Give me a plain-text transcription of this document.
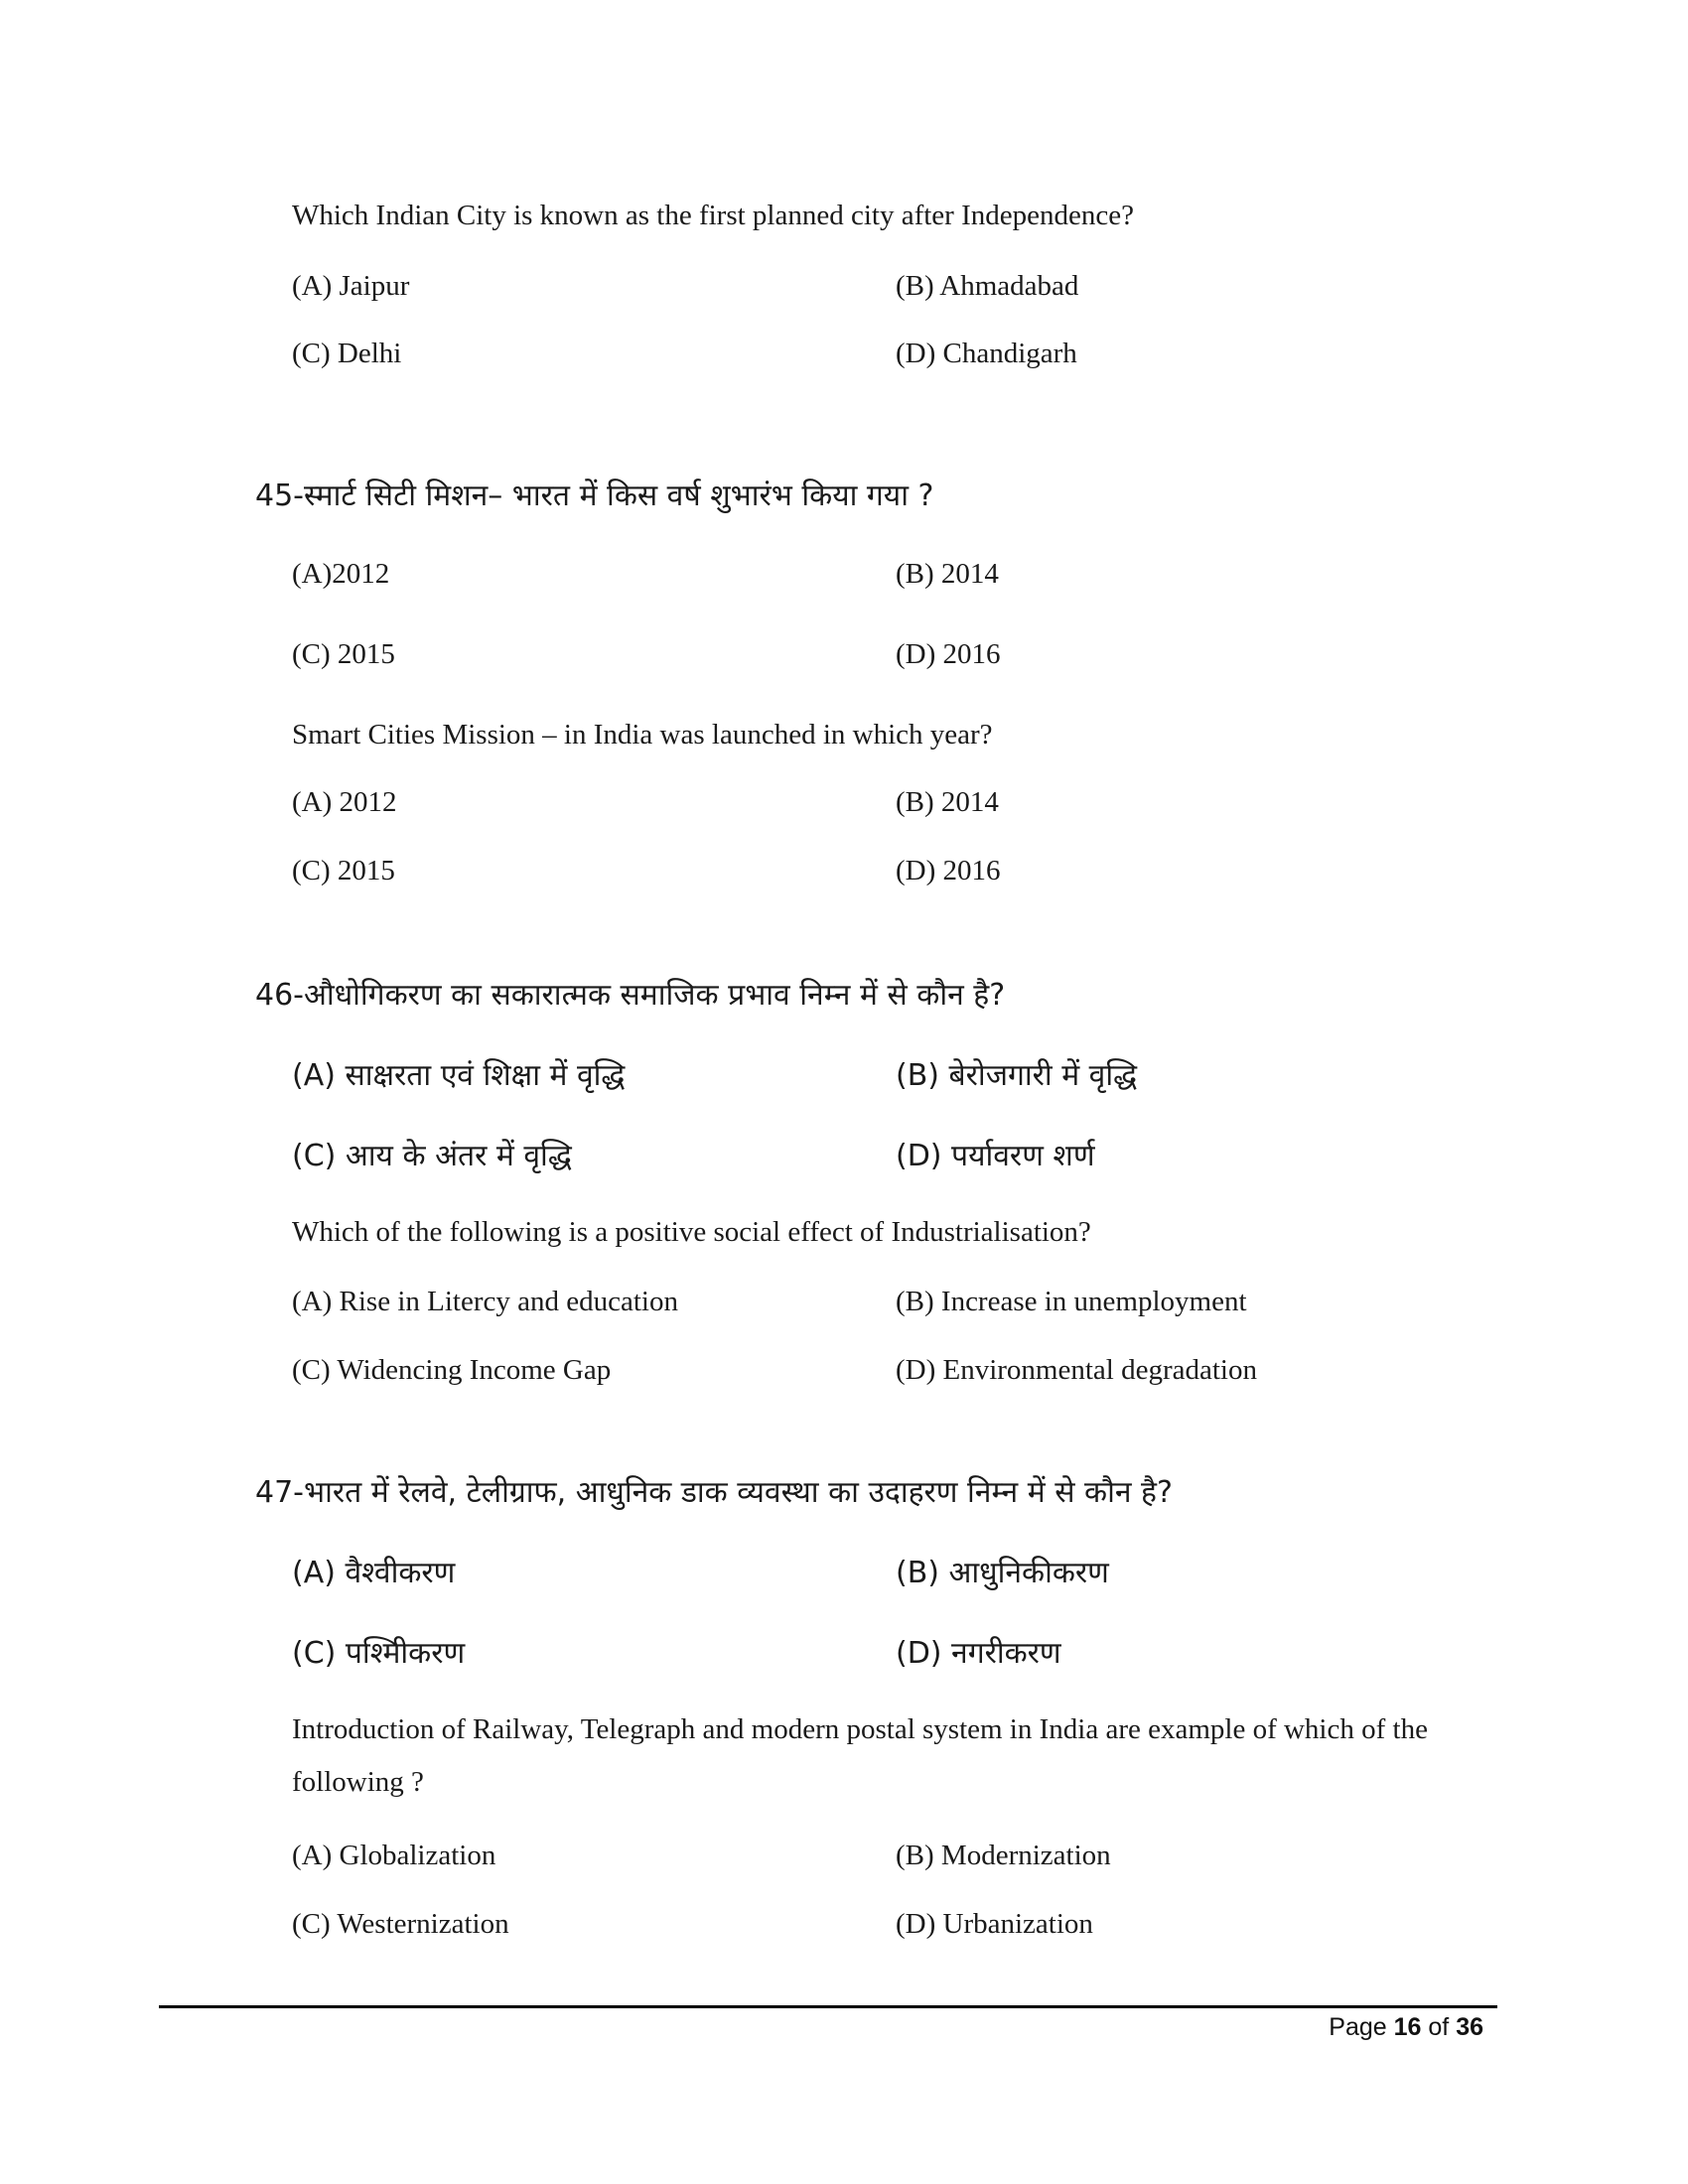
Which Indian City is known as the first planned city after Independence?
(A) Jaipur	(B) Ahmadabad
(C) Delhi	(D) Chandigarh
45-स्मार्ट सिटी मिशन– भारत में किस वर्ष शुभारंभ किया गया ?
(A)2012	(B) 2014
(C) 2015	(D) 2016
Smart Cities Mission – in India was launched in which year?
(A) 2012	(B) 2014
(C) 2015	(D) 2016
46-औधोगिकरण का सकारात्मक समाजिक प्रभाव निम्न में से कौन है?
(A) साक्षरता एवं शिक्षा में वृद्धि	(B) बेरोजगारी में वृद्धि
(C) आय के अंतर में वृद्धि	(D) पर्यावरण शर्ण
Which of the following is a positive social effect of Industrialisation?
(A) Rise in Litercy and education	(B) Increase in unemployment
(C) Widencing Income Gap	(D) Environmental degradation
47-भारत में रेलवे, टेलीग्राफ, आधुनिक डाक व्यवस्था का उदाहरण निम्न में से कौन है?
(A) वैश्वीकरण	(B) आधुनिकीकरण
(C) पश्मिीकरण	(D) नगरीकरण
Introduction of Railway, Telegraph and modern postal system in India are example of which of the following ?
(A) Globalization	(B) Modernization
(C) Westernization	(D) Urbanization
Page 16 of 36
